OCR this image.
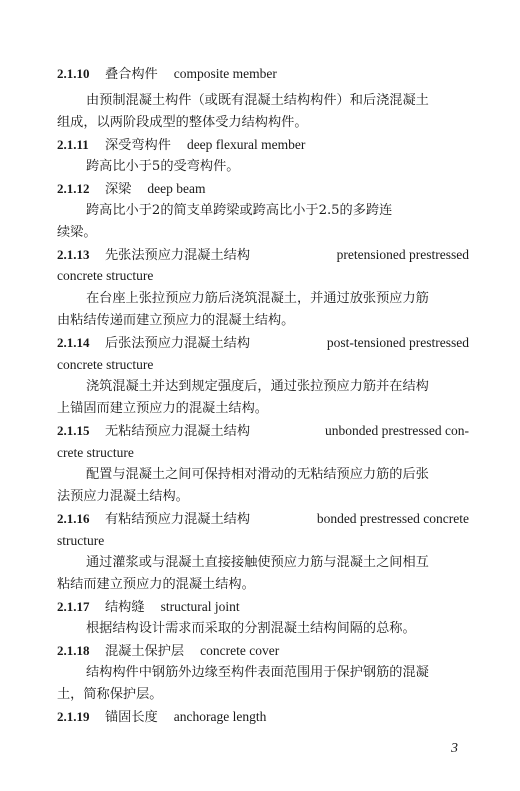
2.1.10 叠合构件 composite member
由预制混凝土构件（或既有混凝土结构构件）和后浇混凝土
组成，以两阶段成型的整体受力结构构件。
2.1.11 深受弯构件 deep flexural member
跨高比小于5的受弯构件。
2.1.12 深梁 deep beam
跨高比小于2的简支单跨梁或跨高比小于2.5的多跨连
续梁。
2.1.13 先张法预应力混凝土结构	pretensioned prestressed
concrete structure
在台座上张拉预应力筋后浇筑混凝土，并通过放张预应力筋
由粘结传递而建立预应力的混凝土结构。
2.1.14 后张法预应力混凝土结构	post-tensioned prestressed
concrete structure
浇筑混凝土并达到规定强度后，通过张拉预应力筋并在结构
上锚固而建立预应力的混凝土结构。
2.1.15 无粘结预应力混凝土结构	unbonded prestressed con-
crete structure
配置与混凝土之间可保持相对滑动的无粘结预应力筋的后张
法预应力混凝土结构。
2.1.16 有粘结预应力混凝土结构	bonded prestressed concrete
structure
通过灌浆或与混凝土直接接触使预应力筋与混凝土之间相互
粘结而建立预应力的混凝土结构。
2.1.17 结构缝 structural joint
根据结构设计需求而采取的分割混凝土结构间隔的总称。
2.1.18 混凝土保护层 concrete cover
结构构件中钢筋外边缘至构件表面范围用于保护钢筋的混凝
土，简称保护层。
2.1.19 锚固长度 anchorage length
3
